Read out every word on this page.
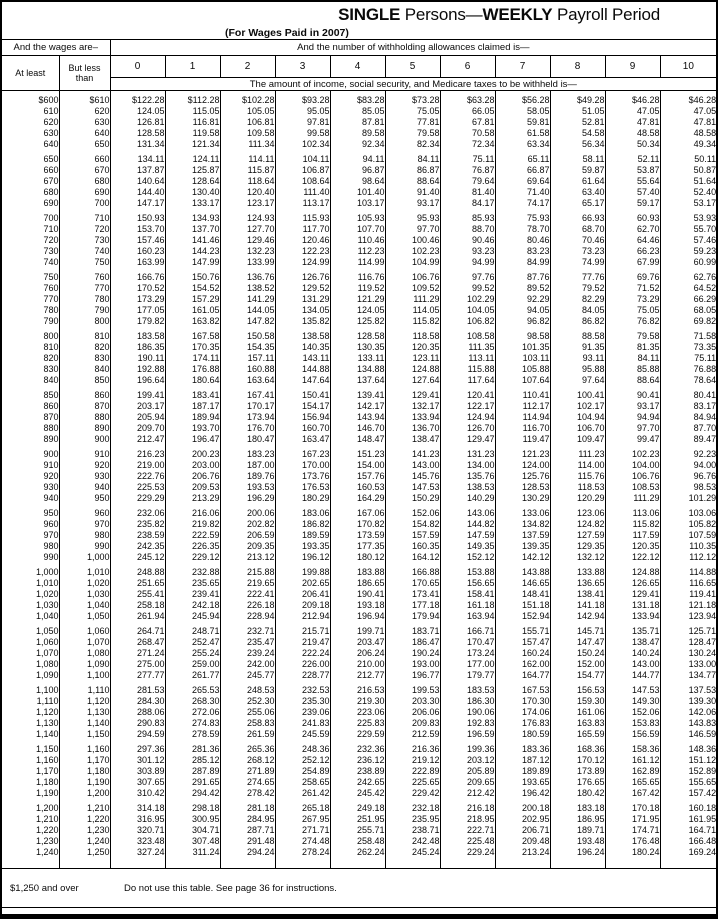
SINGLE Persons—WEEKLY Payroll Period
(For Wages Paid in 2007)
And the wages are–		And the number of withholding allowances claimed is—										
At least	But less than	0	1	2	3	4	5	6	7	8	9	10
		The amount of income, social security, and Medicare taxes to be withheld is—										

$600	$610	$122.28	$112.28	$102.28	$93.28	$83.28	$73.28	$63.28	$56.28	$49.28	$46.28	$46.28
610	620	124.05	115.05	105.05	95.05	85.05	75.05	66.05	58.05	51.05	47.05	47.05
620	630	126.81	116.81	106.81	97.81	87.81	77.81	67.81	59.81	52.81	47.81	47.81
630	640	128.58	119.58	109.58	99.58	89.58	79.58	70.58	61.58	54.58	48.58	48.58
640	650	131.34	121.34	111.34	102.34	92.34	82.34	72.34	63.34	56.34	50.34	49.34

650	660	134.11	124.11	114.11	104.11	94.11	84.11	75.11	65.11	58.11	52.11	50.11
660	670	137.87	125.87	115.87	106.87	96.87	86.87	76.87	66.87	59.87	53.87	50.87
670	680	140.64	128.64	118.64	108.64	98.64	88.64	79.64	69.64	61.64	55.64	51.64
680	690	144.40	130.40	120.40	111.40	101.40	91.40	81.40	71.40	63.40	57.40	52.40
690	700	147.17	133.17	123.17	113.17	103.17	93.17	84.17	74.17	65.17	59.17	53.17

700	710	150.93	134.93	124.93	115.93	105.93	95.93	85.93	75.93	66.93	60.93	53.93
710	720	153.70	137.70	127.70	117.70	107.70	97.70	88.70	78.70	68.70	62.70	55.70
720	730	157.46	141.46	129.46	120.46	110.46	100.46	90.46	80.46	70.46	64.46	57.46
730	740	160.23	144.23	132.23	122.23	112.23	102.23	93.23	83.23	73.23	66.23	59.23
740	750	163.99	147.99	133.99	124.99	114.99	104.99	94.99	84.99	74.99	67.99	60.99

750	760	166.76	150.76	136.76	126.76	116.76	106.76	97.76	87.76	77.76	69.76	62.76
760	770	170.52	154.52	138.52	129.52	119.52	109.52	99.52	89.52	79.52	71.52	64.52
770	780	173.29	157.29	141.29	131.29	121.29	111.29	102.29	92.29	82.29	73.29	66.29
780	790	177.05	161.05	144.05	134.05	124.05	114.05	104.05	94.05	84.05	75.05	68.05
790	800	179.82	163.82	147.82	135.82	125.82	115.82	106.82	96.82	86.82	76.82	69.82

800	810	183.58	167.58	150.58	138.58	128.58	118.58	108.58	98.58	88.58	79.58	71.58
810	820	186.35	170.35	154.35	140.35	130.35	120.35	111.35	101.35	91.35	81.35	73.35
820	830	190.11	174.11	157.11	143.11	133.11	123.11	113.11	103.11	93.11	84.11	75.11
830	840	192.88	176.88	160.88	144.88	134.88	124.88	115.88	105.88	95.88	85.88	76.88
840	850	196.64	180.64	163.64	147.64	137.64	127.64	117.64	107.64	97.64	88.64	78.64

850	860	199.41	183.41	167.41	150.41	139.41	129.41	120.41	110.41	100.41	90.41	80.41
860	870	203.17	187.17	170.17	154.17	142.17	132.17	122.17	112.17	102.17	93.17	83.17
870	880	205.94	189.94	173.94	156.94	143.94	133.94	124.94	114.94	104.94	94.94	84.94
880	890	209.70	193.70	176.70	160.70	146.70	136.70	126.70	116.70	106.70	97.70	87.70
890	900	212.47	196.47	180.47	163.47	148.47	138.47	129.47	119.47	109.47	99.47	89.47

900	910	216.23	200.23	183.23	167.23	151.23	141.23	131.23	121.23	111.23	102.23	92.23
910	920	219.00	203.00	187.00	170.00	154.00	143.00	134.00	124.00	114.00	104.00	94.00
920	930	222.76	206.76	189.76	173.76	157.76	145.76	135.76	125.76	115.76	106.76	96.76
930	940	225.53	209.53	193.53	176.53	160.53	147.53	138.53	128.53	118.53	108.53	98.53
940	950	229.29	213.29	196.29	180.29	164.29	150.29	140.29	130.29	120.29	111.29	101.29

950	960	232.06	216.06	200.06	183.06	167.06	152.06	143.06	133.06	123.06	113.06	103.06
960	970	235.82	219.82	202.82	186.82	170.82	154.82	144.82	134.82	124.82	115.82	105.82
970	980	238.59	222.59	206.59	189.59	173.59	157.59	147.59	137.59	127.59	117.59	107.59
980	990	242.35	226.35	209.35	193.35	177.35	160.35	149.35	139.35	129.35	120.35	110.35
990	1,000	245.12	229.12	213.12	196.12	180.12	164.12	152.12	142.12	132.12	122.12	112.12

1,000	1,010	248.88	232.88	215.88	199.88	183.88	166.88	153.88	143.88	133.88	124.88	114.88
1,010	1,020	251.65	235.65	219.65	202.65	186.65	170.65	156.65	146.65	136.65	126.65	116.65
1,020	1,030	255.41	239.41	222.41	206.41	190.41	173.41	158.41	148.41	138.41	129.41	119.41
1,030	1,040	258.18	242.18	226.18	209.18	193.18	177.18	161.18	151.18	141.18	131.18	121.18
1,040	1,050	261.94	245.94	228.94	212.94	196.94	179.94	163.94	152.94	142.94	133.94	123.94

1,050	1,060	264.71	248.71	232.71	215.71	199.71	183.71	166.71	155.71	145.71	135.71	125.71
1,060	1,070	268.47	252.47	235.47	219.47	203.47	186.47	170.47	157.47	147.47	138.47	128.47
1,070	1,080	271.24	255.24	239.24	222.24	206.24	190.24	173.24	160.24	150.24	140.24	130.24
1,080	1,090	275.00	259.00	242.00	226.00	210.00	193.00	177.00	162.00	152.00	143.00	133.00
1,090	1,100	277.77	261.77	245.77	228.77	212.77	196.77	179.77	164.77	154.77	144.77	134.77

1,100	1,110	281.53	265.53	248.53	232.53	216.53	199.53	183.53	167.53	156.53	147.53	137.53
1,110	1,120	284.30	268.30	252.30	235.30	219.30	203.30	186.30	170.30	159.30	149.30	139.30
1,120	1,130	288.06	272.06	255.06	239.06	223.06	206.06	190.06	174.06	161.06	152.06	142.06
1,130	1,140	290.83	274.83	258.83	241.83	225.83	209.83	192.83	176.83	163.83	153.83	143.83
1,140	1,150	294.59	278.59	261.59	245.59	229.59	212.59	196.59	180.59	165.59	156.59	146.59

1,150	1,160	297.36	281.36	265.36	248.36	232.36	216.36	199.36	183.36	168.36	158.36	148.36
1,160	1,170	301.12	285.12	268.12	252.12	236.12	219.12	203.12	187.12	170.12	161.12	151.12
1,170	1,180	303.89	287.89	271.89	254.89	238.89	222.89	205.89	189.89	173.89	162.89	152.89
1,180	1,190	307.65	291.65	274.65	258.65	242.65	225.65	209.65	193.65	176.65	165.65	155.65
1,190	1,200	310.42	294.42	278.42	261.42	245.42	229.42	212.42	196.42	180.42	167.42	157.42

1,200	1,210	314.18	298.18	281.18	265.18	249.18	232.18	216.18	200.18	183.18	170.18	160.18
1,210	1,220	316.95	300.95	284.95	267.95	251.95	235.95	218.95	202.95	186.95	171.95	161.95
1,220	1,230	320.71	304.71	287.71	271.71	255.71	238.71	222.71	206.71	189.71	174.71	164.71
1,230	1,240	323.48	307.48	291.48	274.48	258.48	242.48	225.48	209.48	193.48	176.48	166.48
1,240	1,250	327.24	311.24	294.24	278.24	262.24	245.24	229.24	213.24	196.24	180.24	169.24

$1,250 and over	Do not use this table. See page 36 for instructions.
